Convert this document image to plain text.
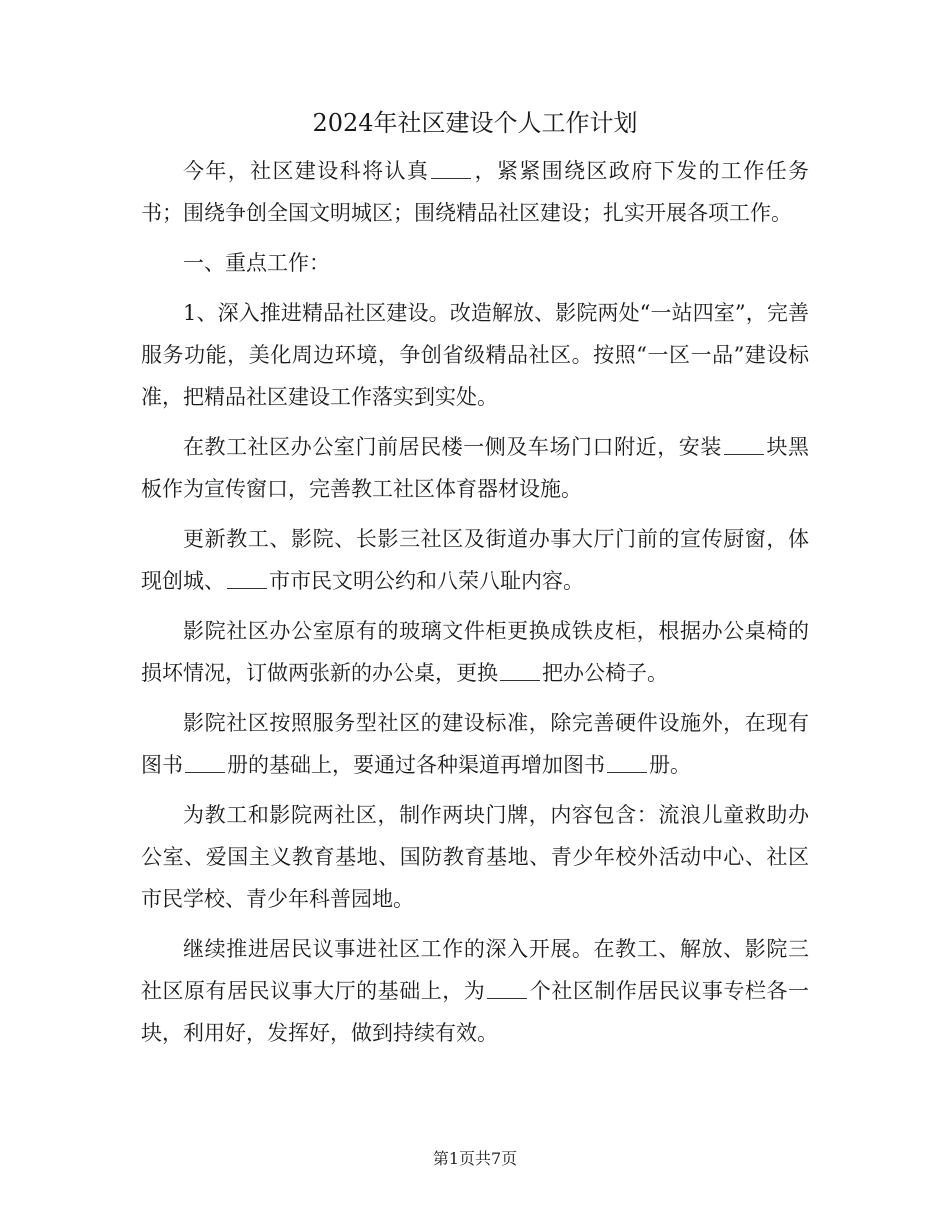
2024年社区建设个人工作计划

今年，社区建设科将认真 ，紧紧围绕区政府下发的工作任务书；围绕争创全国文明城区；围绕精品社区建设；扎实开展各项工作。

一、重点工作：

1、深入推进精品社区建设。改造解放、影院两处“一站四室”，完善服务功能，美化周边环境，争创省级精品社区。按照“一区一品”建设标准，把精品社区建设工作落实到实处。

在教工社区办公室门前居民楼一侧及车场门口附近，安装 块黑板作为宣传窗口，完善教工社区体育器材设施。

更新教工、影院、长影三社区及街道办事大厅门前的宣传厨窗，体现创城、 市市民文明公约和八荣八耻内容。

影院社区办公室原有的玻璃文件柜更换成铁皮柜，根据办公桌椅的损坏情况，订做两张新的办公桌，更换 把办公椅子。

影院社区按照服务型社区的建设标准，除完善硬件设施外，在现有图书 册的基础上，要通过各种渠道再增加图书 册。

为教工和影院两社区，制作两块门牌，内容包含：流浪儿童救助办公室、爱国主义教育基地、国防教育基地、青少年校外活动中心、社区市民学校、青少年科普园地。

继续推进居民议事进社区工作的深入开展。在教工、解放、影院三社区原有居民议事大厅的基础上，为 个社区制作居民议事专栏各一块，利用好，发挥好，做到持续有效。

第1页共7页
